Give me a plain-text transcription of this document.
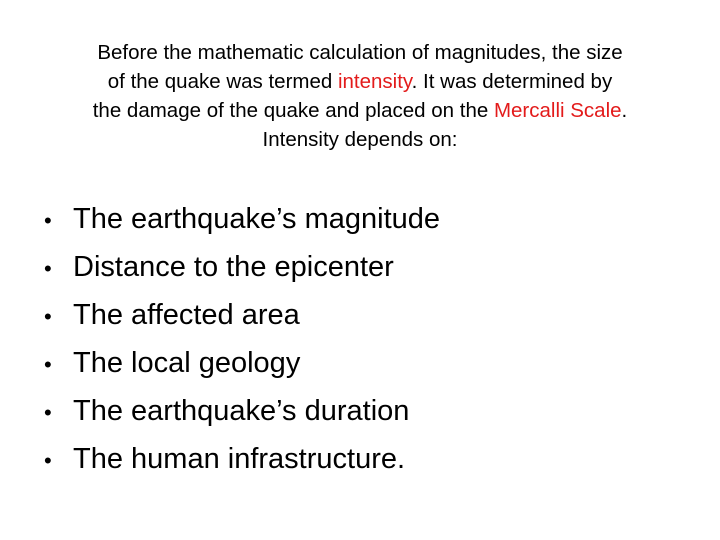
Before the mathematic calculation of magnitudes, the size
of the quake was termed intensity. It was determined by
the damage of the quake and placed on the Mercalli Scale.
Intensity depends on:
• The earthquake’s magnitude
• Distance to the epicenter
• The affected area
• The local geology
• The earthquake’s duration
• The human infrastructure.
